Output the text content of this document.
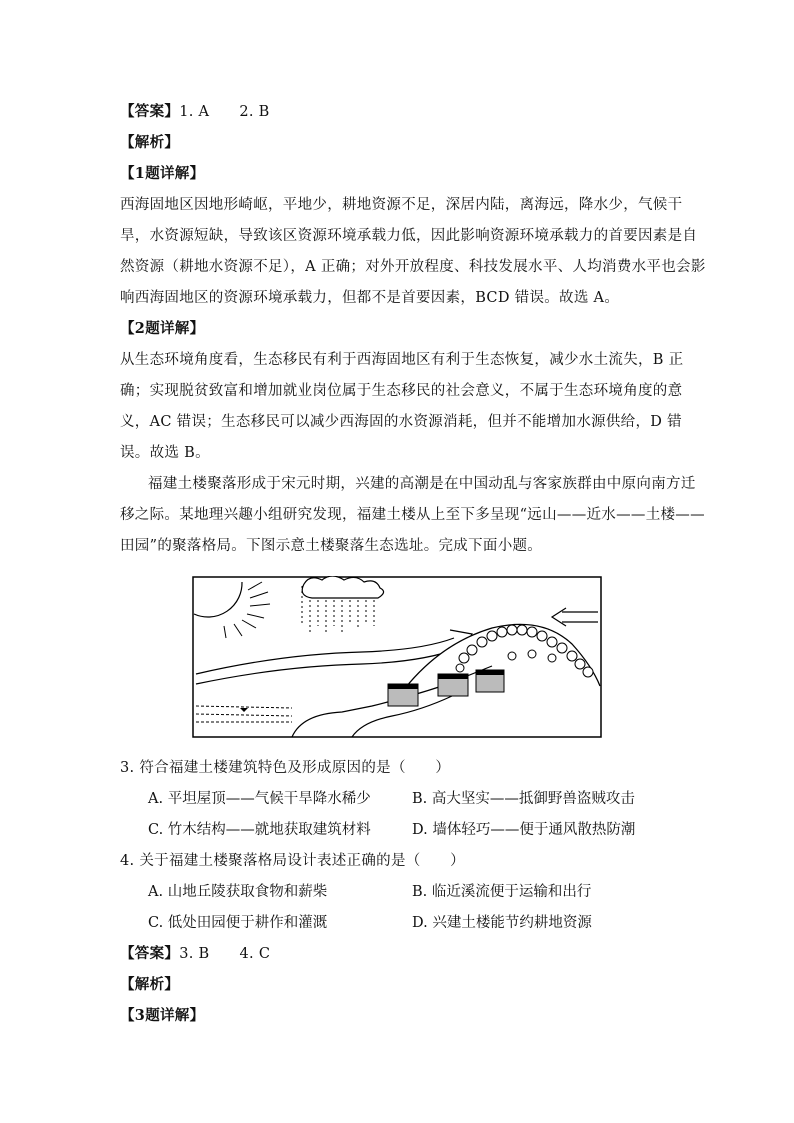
【答案】1. A 2. B
【解析】
【1题详解】
西海固地区因地形崎岖，平地少，耕地资源不足，深居内陆，离海远，降水少，气候干
旱，水资源短缺，导致该区资源环境承载力低，因此影响资源环境承载力的首要因素是自
然资源（耕地水资源不足），A 正确；对外开放程度、科技发展水平、人均消费水平也会影
响西海固地区的资源环境承载力，但都不是首要因素，BCD 错误。故选 A。
【2题详解】
从生态环境角度看，生态移民有利于西海固地区有利于生态恢复，减少水土流失，B 正
确；实现脱贫致富和增加就业岗位属于生态移民的社会意义，不属于生态环境角度的意
义，AC 错误；生态移民可以减少西海固的水资源消耗，但并不能增加水源供给，D 错
误。故选 B。
福建土楼聚落形成于宋元时期，兴建的高潮是在中国动乱与客家族群由中原向南方迁
移之际。某地理兴趣小组研究发现，福建土楼从上至下多呈现“远山——近水——土楼——
田园”的聚落格局。下图示意土楼聚落生态选址。完成下面小题。
3. 符合福建土楼建筑特色及形成原因的是（　　）
A. 平坦屋顶——气候干旱降水稀少	B. 高大坚实——抵御野兽盗贼攻击
C. 竹木结构——就地获取建筑材料	D. 墙体轻巧——便于通风散热防潮
4. 关于福建土楼聚落格局设计表述正确的是（　　）
A. 山地丘陵获取食物和薪柴	B. 临近溪流便于运输和出行
C. 低处田园便于耕作和灌溉	D. 兴建土楼能节约耕地资源
【答案】3. B 4. C
【解析】
【3题详解】
